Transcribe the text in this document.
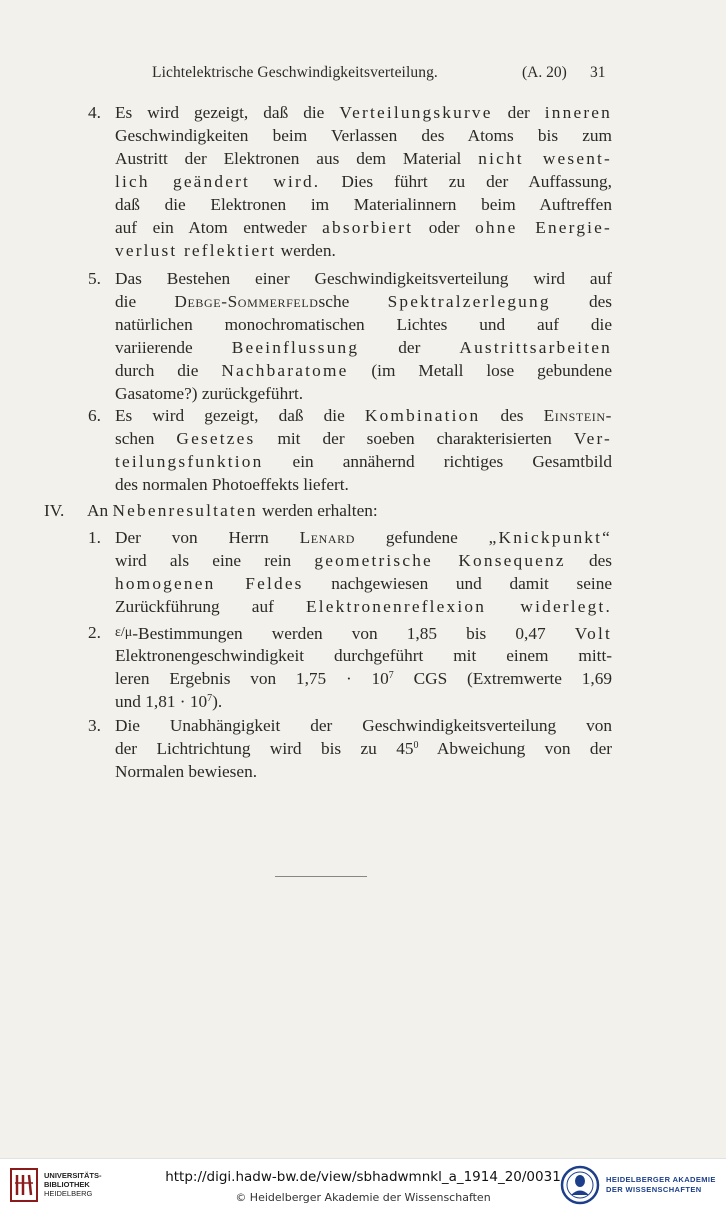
Lichtelektrische Geschwindigkeitsverteilung.	(A. 20) 31
4. Es wird gezeigt, daß die Verteilungskurve der inneren
Geschwindigkeiten beim Verlassen des Atoms bis zum
Austritt der Elektronen aus dem Material nicht wesent-
lich geändert wird. Dies führt zu der Auffassung,
daß die Elektronen im Materialinnern beim Auftreffen
auf ein Atom entweder absorbiert oder ohne Energie-
verlust reflektiert werden.
5. Das Bestehen einer Geschwindigkeitsverteilung wird auf
die Debge-Sommerfeldsche Spektralzerlegung des
natürlichen monochromatischen Lichtes und auf die
variierende Beeinflussung der Austrittsarbeiten
durch die Nachbaratome (im Metall lose gebundene
Gasatome?) zurückgeführt.
6. Es wird gezeigt, daß die Kombination des Einstein-
schen Gesetzes mit der soeben charakterisierten Ver-
teilungsfunktion ein annähernd richtiges Gesamtbild
des normalen Photoeffekts liefert.
IV. An Nebenresultaten werden erhalten:
1. Der von Herrn Lenard gefundene „Knickpunkt“
wird als eine rein geometrische Konsequenz des
homogenen Feldes nachgewiesen und damit seine
Zurückführung auf Elektronenreflexion widerlegt.
2. ε/μ-Bestimmungen werden von 1,85 bis 0,47 Volt
Elektronengeschwindigkeit durchgeführt mit einem mitt-
leren Ergebnis von $1,75 \cdot 10^7$ CGS (Extremwerte 1,69
und $1,81 \cdot 10^7$).
3. Die Unabhängigkeit der Geschwindigkeitsverteilung von
der Lichtrichtung wird bis zu $45^0$ Abweichung von der
Normalen bewiesen.
UNIVERSITÄTS-
BIBLIOTHEK
HEIDELBERG
http://digi.hadw-bw.de/view/sbhadwmnkl_a_1914_20/0031
© Heidelberger Akademie der Wissenschaften
HEIDELBERGER AKADEMIE
DER WISSENSCHAFTEN
